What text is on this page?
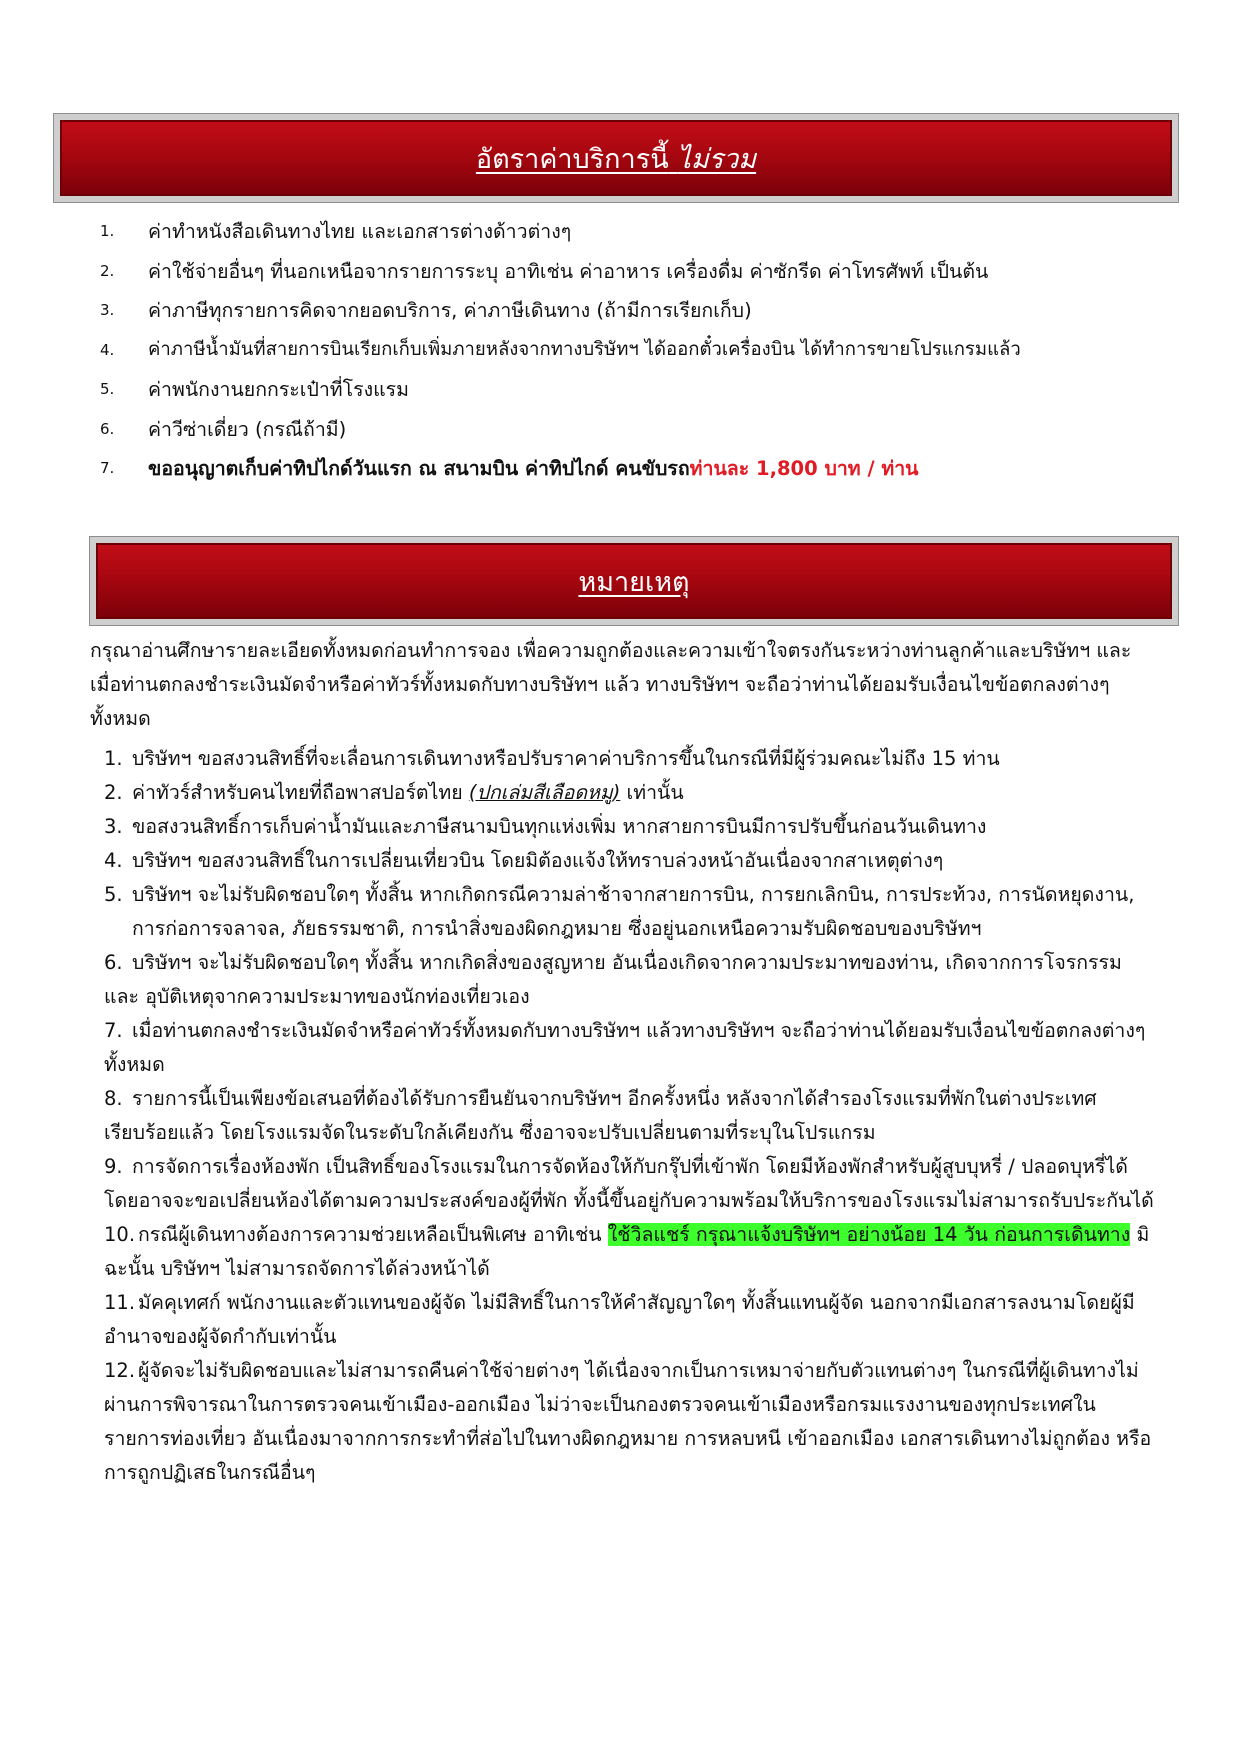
อัตราค่าบริการนี้ ไม่รวม
1.	ค่าทำหนังสือเดินทางไทย และเอกสารต่างด้าวต่างๆ
2.	ค่าใช้จ่ายอื่นๆ ที่นอกเหนือจากรายการระบุ อาทิเช่น ค่าอาหาร เครื่องดื่ม ค่าซักรีด ค่าโทรศัพท์ เป็นต้น
3.	ค่าภาษีทุกรายการคิดจากยอดบริการ, ค่าภาษีเดินทาง (ถ้ามีการเรียกเก็บ)
4.	ค่าภาษีน้ำมันที่สายการบินเรียกเก็บเพิ่มภายหลังจากทางบริษัทฯ ได้ออกตั๋วเครื่องบิน ได้ทำการขายโปรแกรมแล้ว
5.	ค่าพนักงานยกกระเป๋าที่โรงแรม
6.	ค่าวีซ่าเดี่ยว (กรณีถ้ามี)
7.	ขออนุญาตเก็บค่าทิปไกด์วันแรก ณ สนามบิน ค่าทิปไกด์ คนขับรถ ท่านละ 1,800 บาท / ท่าน
หมายเหตุ

กรุณาอ่านศึกษารายละเอียดทั้งหมดก่อนทำการจอง เพื่อความถูกต้องและความเข้าใจตรงกันระหว่างท่านลูกค้าและบริษัทฯ และเมื่อท่านตกลงชำระเงินมัดจำหรือค่าทัวร์ทั้งหมดกับทางบริษัทฯ แล้ว ทางบริษัทฯ จะถือว่าท่านได้ยอมรับเงื่อนไขข้อตกลงต่างๆ ทั้งหมด

1. บริษัทฯ ขอสงวนสิทธิ์ที่จะเลื่อนการเดินทางหรือปรับราคาค่าบริการขึ้นในกรณีที่มีผู้ร่วมคณะไม่ถึง 15 ท่าน
2. ค่าทัวร์สำหรับคนไทยที่ถือพาสปอร์ตไทย (ปกเล่มสีเลือดหมู) เท่านั้น
3. ขอสงวนสิทธิ์การเก็บค่าน้ำมันและภาษีสนามบินทุกแห่งเพิ่ม หากสายการบินมีการปรับขึ้นก่อนวันเดินทาง
4. บริษัทฯ ขอสงวนสิทธิ์ในการเปลี่ยนเที่ยวบิน โดยมิต้องแจ้งให้ทราบล่วงหน้าอันเนื่องจากสาเหตุต่างๆ
5. บริษัทฯ จะไม่รับผิดชอบใดๆ ทั้งสิ้น หากเกิดกรณีความล่าช้าจากสายการบิน, การยกเลิกบิน, การประท้วง, การนัดหยุดงาน, การก่อการจลาจล, ภัยธรรมชาติ, การนำสิ่งของผิดกฎหมาย ซึ่งอยู่นอกเหนือความรับผิดชอบของบริษัทฯ

6. บริษัทฯ จะไม่รับผิดชอบใดๆ ทั้งสิ้น หากเกิดสิ่งของสูญหาย อันเนื่องเกิดจากความประมาทของท่าน, เกิดจากการโจรกรรม และ อุบัติเหตุจากความประมาทของนักท่องเที่ยวเอง

7. เมื่อท่านตกลงชำระเงินมัดจำหรือค่าทัวร์ทั้งหมดกับทางบริษัทฯ แล้วทางบริษัทฯ จะถือว่าท่านได้ยอมรับเงื่อนไขข้อตกลงต่างๆ ทั้งหมด

8. รายการนี้เป็นเพียงข้อเสนอที่ต้องได้รับการยืนยันจากบริษัทฯ อีกครั้งหนึ่ง หลังจากได้สำรองโรงแรมที่พักในต่างประเทศเรียบร้อยแล้ว โดยโรงแรมจัดในระดับใกล้เคียงกัน ซึ่งอาจจะปรับเปลี่ยนตามที่ระบุในโปรแกรม

9. การจัดการเรื่องห้องพัก เป็นสิทธิ์ของโรงแรมในการจัดห้องให้กับกรุ๊ปที่เข้าพัก โดยมีห้องพักสำหรับผู้สูบบุหรี่ / ปลอดบุหรี่ได้ โดยอาจจะขอเปลี่ยนห้องได้ตามความประสงค์ของผู้ที่พัก ทั้งนี้ขึ้นอยู่กับความพร้อมให้บริการของโรงแรมไม่สามารถรับประกันได้

10. กรณีผู้เดินทางต้องการความช่วยเหลือเป็นพิเศษ อาทิเช่น ใช้วิลแชร์ กรุณาแจ้งบริษัทฯ อย่างน้อย 14 วัน ก่อนการเดินทาง มิฉะนั้น บริษัทฯ ไม่สามารถจัดการได้ล่วงหน้าได้

11. มัคคุเทศก์ พนักงานและตัวแทนของผู้จัด ไม่มีสิทธิ์ในการให้คำสัญญาใดๆ ทั้งสิ้นแทนผู้จัด นอกจากมีเอกสารลงนามโดยผู้มีอำนาจของผู้จัดกำกับเท่านั้น

12. ผู้จัดจะไม่รับผิดชอบและไม่สามารถคืนค่าใช้จ่ายต่างๆ ได้เนื่องจากเป็นการเหมาจ่ายกับตัวแทนต่างๆ ในกรณีที่ผู้เดินทางไม่ผ่านการพิจารณาในการตรวจคนเข้าเมือง-ออกเมือง ไม่ว่าจะเป็นกองตรวจคนเข้าเมืองหรือกรมแรงงานของทุกประเทศในรายการท่องเที่ยว อันเนื่องมาจากการกระทำที่ส่อไปในทางผิดกฎหมาย การหลบหนี เข้าออกเมือง เอกสารเดินทางไม่ถูกต้อง หรือ การถูกปฏิเสธในกรณีอื่นๆ
